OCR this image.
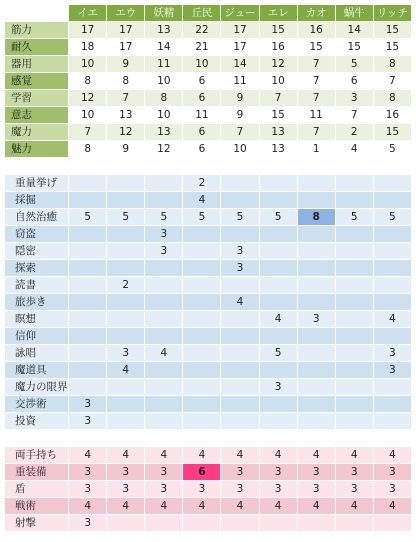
	イエ	エウ	妖精	丘民	ジュー	エレ	カオ	蜗牛	リッチ
筋力	17	17	13	22	17	15	16	14	15
耐久	18	17	14	21	17	16	15	15	15
器用	10	9	11	10	14	12	7	5	8
感覚	8	8	10	6	11	10	7	6	7
学習	12	7	8	6	9	7	7	3	8
意志	10	13	10	11	9	15	11	7	16
魔力	7	12	13	6	7	13	7	2	15
魅力	8	9	12	6	10	13	1	4	5

重量挙げ				2					
採掘				4					
自然治癒	5	5	5	5	5	5	8	5	5
窃盗			3						
隠密			3		3				
探索					3				
読書		2							
旅歩き					4				
瞑想						4	3		4
信仰									
詠唱		3	4			5			3
魔道具		4							3
魔力の限界						3			
交渉術	3								
投資	3								

両手持ち	4	4	4	4	4	4	4	4	4
重装備	3	3	3	6	3	3	3	3	3
盾	3	3	3	3	3	3	3	3	3
戦術	4	4	4	4	4	4	4	4	4
射撃	3								
